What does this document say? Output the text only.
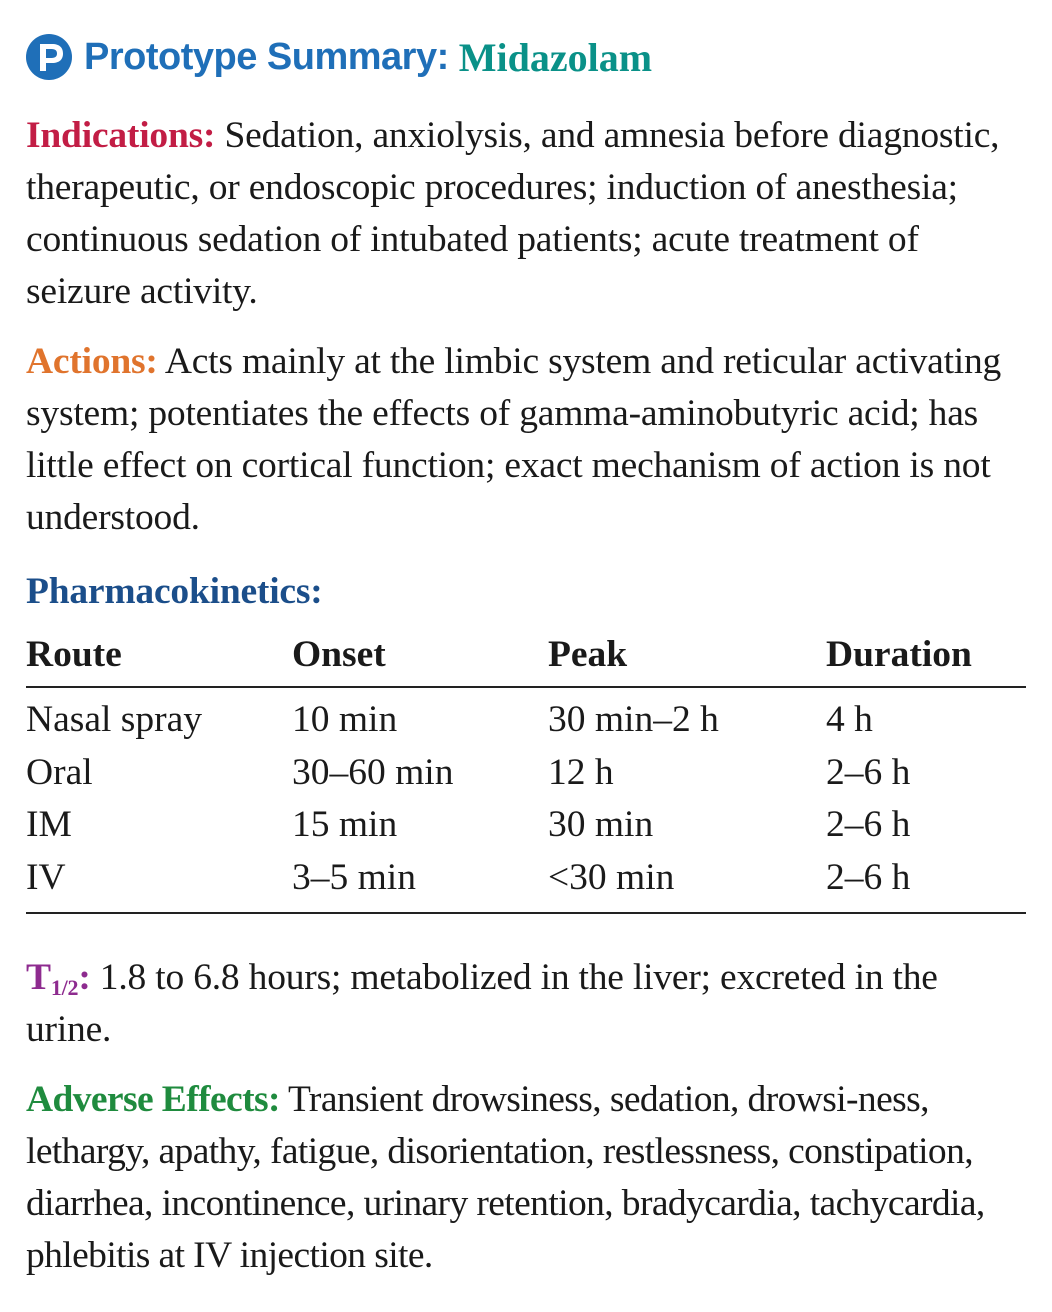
Prototype Summary: Midazolam

Indications: Sedation, anxiolysis, and amnesia before diagnostic, therapeutic, or endoscopic procedures; induction of anesthesia; continuous sedation of intubated patients; acute treatment of seizure activity.

Actions: Acts mainly at the limbic system and reticular activating system; potentiates the effects of gamma-aminobutyric acid; has little effect on cortical function; exact mechanism of action is not understood.

Pharmacokinetics:

Route	Onset	Peak	Duration
Nasal spray	10 min	30 min–2 h	4 h
Oral	30–60 min	12 h	2–6 h
IM	15 min	30 min	2–6 h
IV	3–5 min	<30 min	2–6 h

$T_{1/2}$: 1.8 to 6.8 hours; metabolized in the liver; excreted in the urine.

Adverse Effects: Transient drowsiness, sedation, drowsi-ness, lethargy, apathy, fatigue, disorientation, restlessness, constipation, diarrhea, incontinence, urinary retention, bradycardia, tachycardia, phlebitis at IV injection site.
